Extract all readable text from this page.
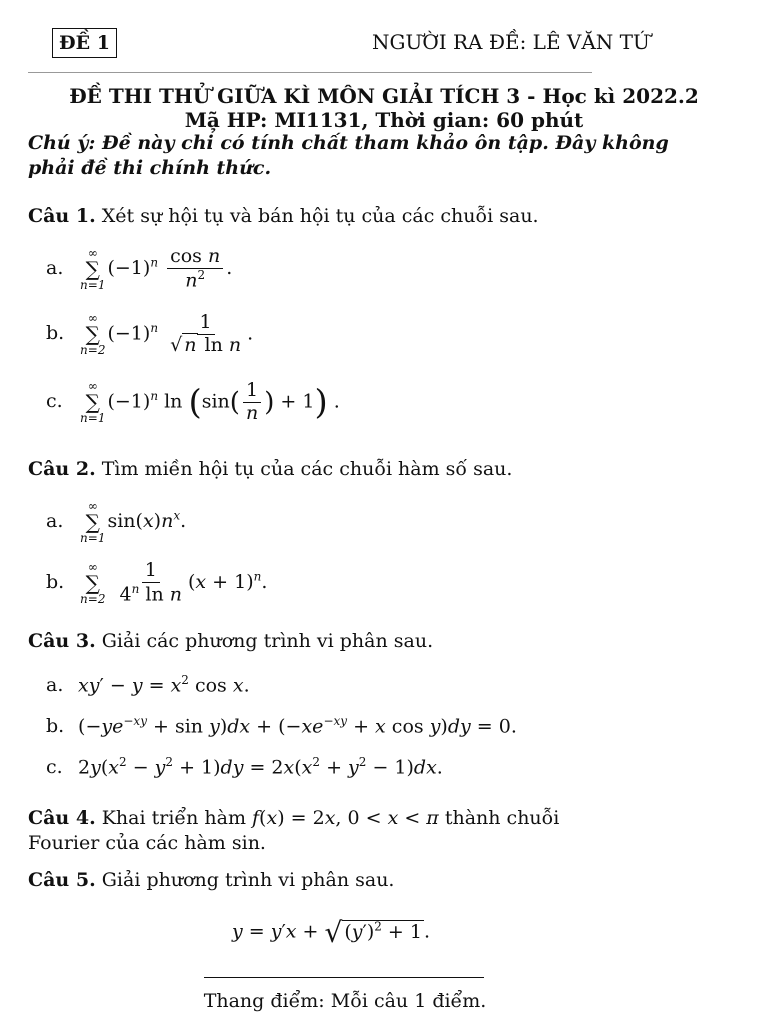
ĐỀ 1	NGƯỜI RA ĐỀ: LÊ VĂN TỨ
ĐỀ THI THỬ GIỮA KÌ MÔN GIẢI TÍCH 3 - Học kì 2022.2
Mã HP: MI1131, Thời gian: 60 phút
Chú ý: Đề này chỉ có tính chất tham khảo ôn tập. Đây không
phải đề thi chính thức.
Câu 1. Xét sự hội tụ và bán hội tụ của các chuỗi sau.
a.
∞
∑
n=1
$(-1)^n \frac{\text{cos n}}{n^2}$ .
b.
∞
∑
n=2
$(-1)^n \frac{1}{\text{√ n ln n}}$ .
c.
∞
∑
n=1
$(-1)^n$ $\ln (\sin( \frac{1}{n}$ ) + 1) .
Câu 2. Tìm miền hội tụ của các chuỗi hàm số sau.
a.
∞
∑
n=1
$\sin(x)n^x$.
b.
∞
∑
n=2
$\frac{1}{4^n \ln n} (x + 1)^n$.
Câu 3. Giải các phương trình vi phân sau.
a. $xy' - y = x^2$ cos x.
b. $(-ye^{-xy} + \sin y)dx + (-xe^{-xy} + x$ cos y)dy = 0.
c. $2y(x^2 - y^2 + 1)dy = 2x(x^2 + y^2 - 1)dx$.
Câu 4. Khai triển hàm f(x) = 2x, 0 < x < π thành chuỗi
Fourier của các hàm sin.
Câu 5. Giải phương trình vi phân sau.
y = y′x + √ $(y')^2 + 1$ .
Thang điểm: Mỗi câu 1 điểm.
